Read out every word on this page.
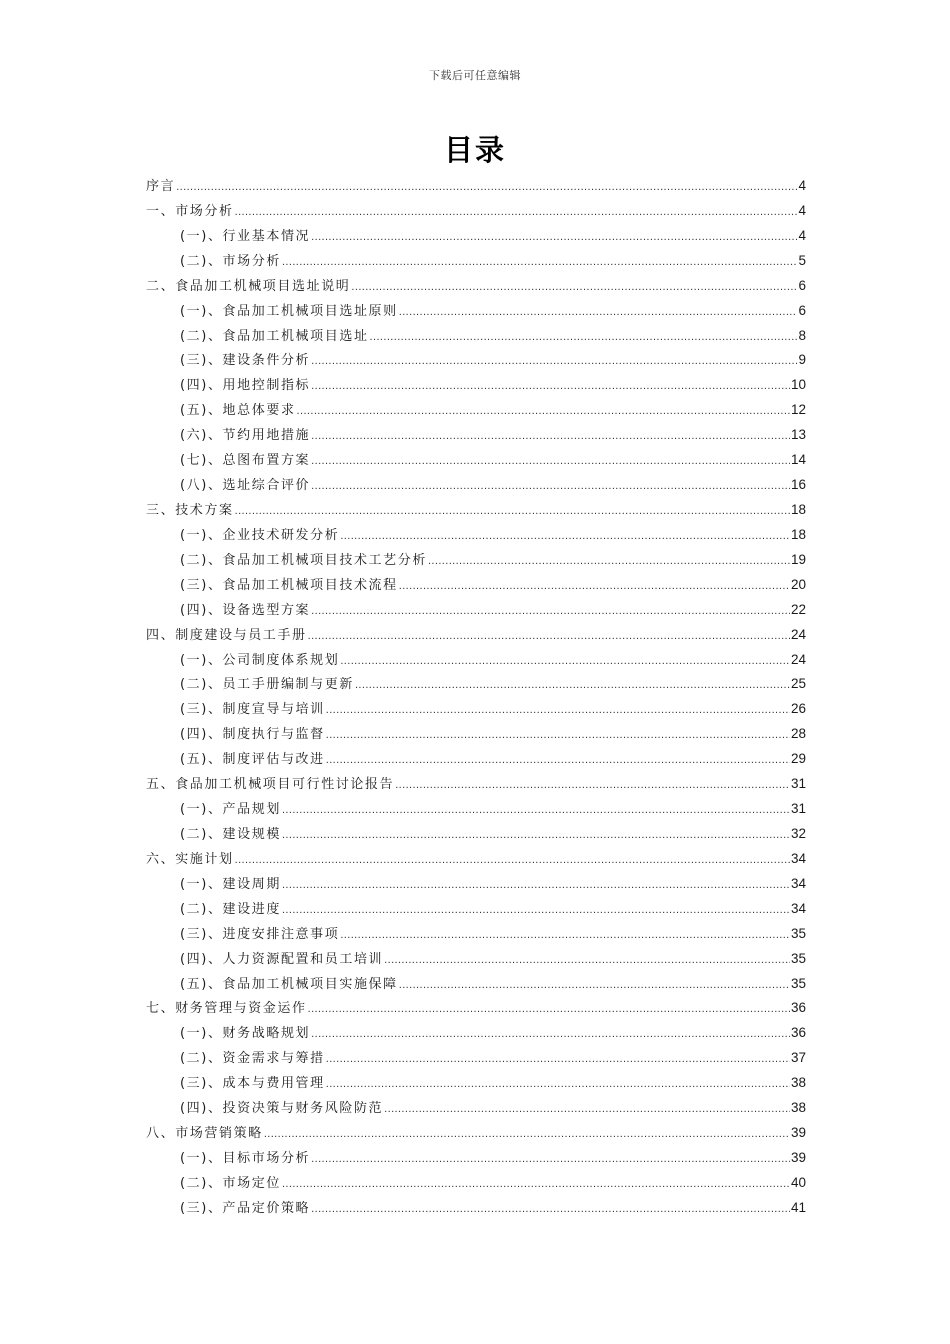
下载后可任意编辑
目录
序言 .....	4
一、市场分析 .....	4
(一)、行业基本情况 .....	4
(二)、市场分析 .....	5
二、食品加工机械项目选址说明 .....	6
(一)、食品加工机械项目选址原则 .....	6
(二)、食品加工机械项目选址 .....	8
(三)、建设条件分析 .....	9
(四)、用地控制指标 .....	10
(五)、地总体要求 .....	12
(六)、节约用地措施 .....	13
(七)、总图布置方案 .....	14
(八)、选址综合评价 .....	16
三、技术方案 .....	18
(一)、企业技术研发分析 .....	18
(二)、食品加工机械项目技术工艺分析 .....	19
(三)、食品加工机械项目技术流程 .....	20
(四)、设备选型方案 .....	22
四、制度建设与员工手册 .....	24
(一)、公司制度体系规划 .....	24
(二)、员工手册编制与更新 .....	25
(三)、制度宣导与培训 .....	26
(四)、制度执行与监督 .....	28
(五)、制度评估与改进 .....	29
五、食品加工机械项目可行性讨论报告 .....	31
(一)、产品规划 .....	31
(二)、建设规模 .....	32
六、实施计划 .....	34
(一)、建设周期 .....	34
(二)、建设进度 .....	34
(三)、进度安排注意事项 .....	35
(四)、人力资源配置和员工培训 .....	35
(五)、食品加工机械项目实施保障 .....	35
七、财务管理与资金运作 .....	36
(一)、财务战略规划 .....	36
(二)、资金需求与筹措 .....	37
(三)、成本与费用管理 .....	38
(四)、投资决策与财务风险防范 .....	38
八、市场营销策略 .....	39
(一)、目标市场分析 .....	39
(二)、市场定位 .....	40
(三)、产品定价策略 .....	41
